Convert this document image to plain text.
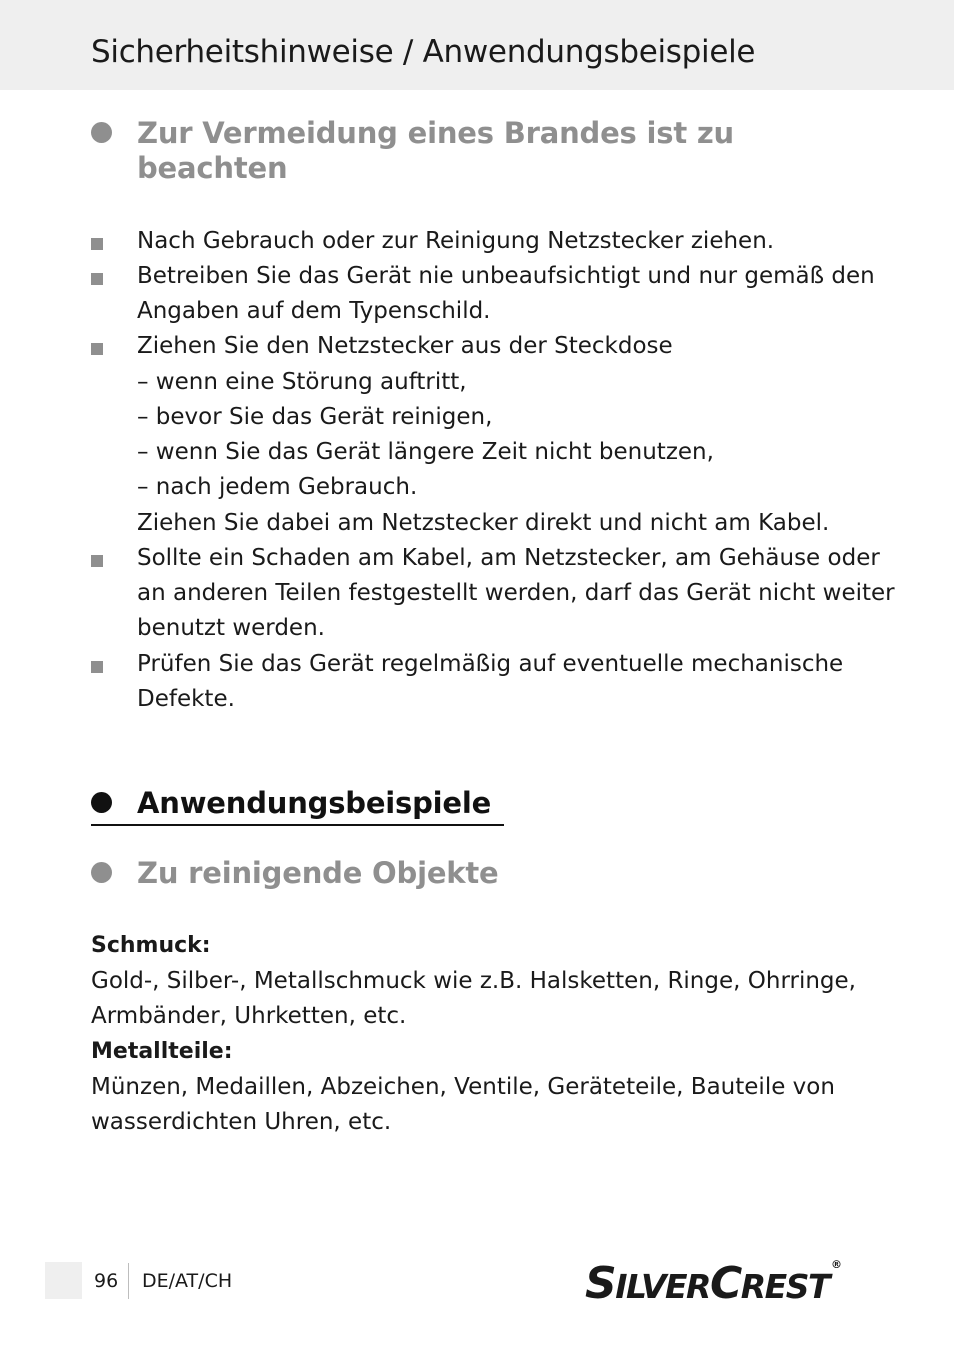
Sicherheitshinweise / Anwendungsbeispiele
Zur Vermeidung eines Brandes ist zu
beachten
Nach Gebrauch oder zur Reinigung Netzstecker ziehen.
Betreiben Sie das Gerät nie unbeaufsichtigt und nur gemäß den
Angaben auf dem Typenschild.
Ziehen Sie den Netzstecker aus der Steckdose
– wenn eine Störung auftritt,
– bevor Sie das Gerät reinigen,
– wenn Sie das Gerät längere Zeit nicht benutzen,
– nach jedem Gebrauch.
Ziehen Sie dabei am Netzstecker direkt und nicht am Kabel.
Sollte ein Schaden am Kabel, am Netzstecker, am Gehäuse oder
an anderen Teilen festgestellt werden, darf das Gerät nicht weiter
benutzt werden.
Prüfen Sie das Gerät regelmäßig auf eventuelle mechanische
Defekte.
Anwendungsbeispiele
Zu reinigende Objekte
Schmuck:
Gold-, Silber-, Metallschmuck wie z.B. Halsketten, Ringe, Ohrringe,
Armbänder, Uhrketten, etc.
Metallteile:
Münzen, Medaillen, Abzeichen, Ventile, Geräteteile, Bauteile von
wasserdichten Uhren, etc.
96 DE/AT/CH	SILVERCREST®
